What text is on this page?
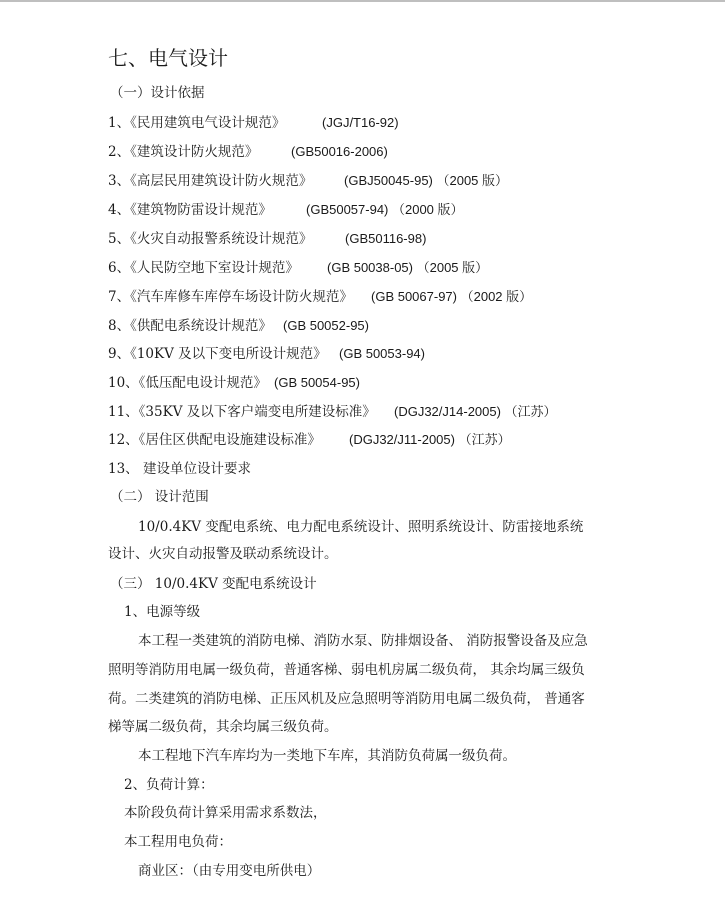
七、电气设计
（一）设计依据
1、《民用建筑电气设计规范》	(JGJ/T16-92)
2、《建筑设计防火规范》	(GB50016-2006)
3、《高层民用建筑设计防火规范》 (GBJ50045-95) （2005 版）
4、《建筑物防雷设计规范》	(GB50057-94) （2000 版）
5、《火灾自动报警系统设计规范》	(GB50116-98)
6、《人民防空地下室设计规范》 (GB 50038-05) （2005 版）
7、《汽车库修车库停车场设计防火规范》 (GB 50067-97) （2002 版）
8、《供配电系统设计规范》 (GB 50052-95)
9、《10KV 及以下变电所设计规范》 (GB 50053-94)
10、《低压配电设计规范》 (GB 50054-95)
11、《35KV 及以下客户端变电所建设标准》 (DGJ32/J14-2005) （江苏）
12、《居住区供配电设施建设标准》 (DGJ32/J11-2005) （江苏）
13、 建设单位设计要求
（二） 设计范围
10/0.4KV 变配电系统、电力配电系统设计、照明系统设计、防雷接地系统
设计、火灾自动报警及联动系统设计。
（三） 10/0.4KV 变配电系统设计
1、电源等级
本工程一类建筑的消防电梯、消防水泵、防排烟设备、 消防报警设备及应急
照明等消防用电属一级负荷，普通客梯、弱电机房属二级负荷， 其余均属三级负
荷。二类建筑的消防电梯、正压风机及应急照明等消防用电属二级负荷， 普通客
梯等属二级负荷，其余均属三级负荷。
本工程地下汽车库均为一类地下车库，其消防负荷属一级负荷。
2、负荷计算：
本阶段负荷计算采用需求系数法，
本工程用电负荷：
商业区：（由专用变电所供电）
